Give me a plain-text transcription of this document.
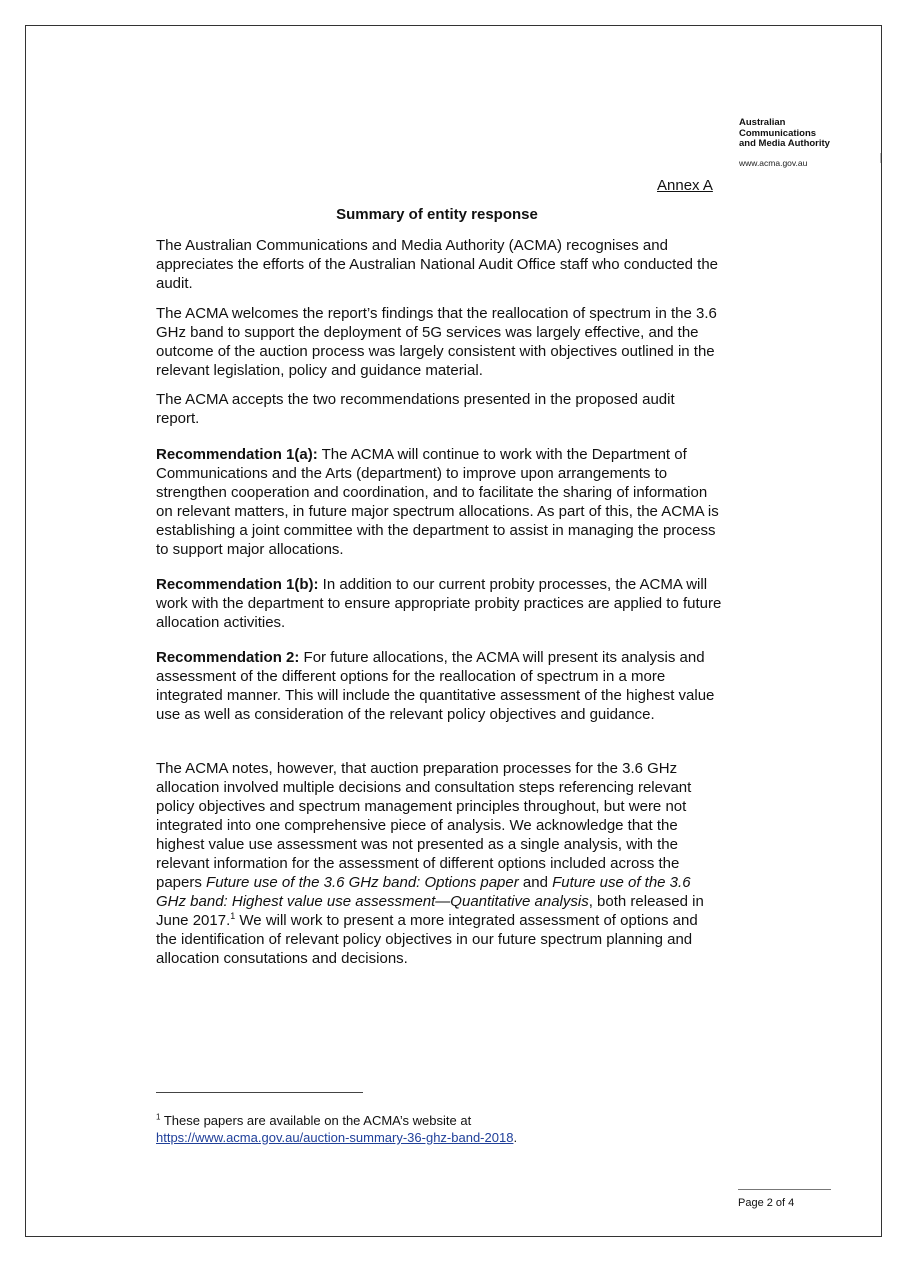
Australian
Communications
and Media Authority
www.acma.gov.au
Annex A
Summary of entity response

The Australian Communications and Media Authority (ACMA) recognises and appreciates the efforts of the Australian National Audit Office staff who conducted the audit.

The ACMA welcomes the report’s findings that the reallocation of spectrum in the 3.6 GHz band to support the deployment of 5G services was largely effective, and the outcome of the auction process was largely consistent with objectives outlined in the relevant legislation, policy and guidance material.

The ACMA accepts the two recommendations presented in the proposed audit report.

Recommendation 1(a): The ACMA will continue to work with the Department of Communications and the Arts (department) to improve upon arrangements to strengthen cooperation and coordination, and to facilitate the sharing of information on relevant matters, in future major spectrum allocations. As part of this, the ACMA is establishing a joint committee with the department to assist in managing the process to support major allocations.

Recommendation 1(b): In addition to our current probity processes, the ACMA will work with the department to ensure appropriate probity practices are applied to future allocation activities.

Recommendation 2: For future allocations, the ACMA will present its analysis and assessment of the different options for the reallocation of spectrum in a more integrated manner. This will include the quantitative assessment of the highest value use as well as consideration of the relevant policy objectives and guidance.

The ACMA notes, however, that auction preparation processes for the 3.6 GHz allocation involved multiple decisions and consultation steps referencing relevant policy objectives and spectrum management principles throughout, but were not integrated into one comprehensive piece of analysis. We acknowledge that the highest value use assessment was not presented as a single analysis, with the relevant information for the assessment of different options included across the papers Future use of the 3.6 GHz band: Options paper and Future use of the 3.6 GHz band: Highest value use assessment—Quantitative analysis, both released in June 2017.$^1$ We will work to present a more integrated assessment of options and the identification of relevant policy objectives in our future spectrum planning and allocation consutations and decisions.

$^1$ These papers are available on the ACMA’s website at
https://www.acma.gov.au/auction-summary-36-ghz-band-2018.
Page 2 of 4
